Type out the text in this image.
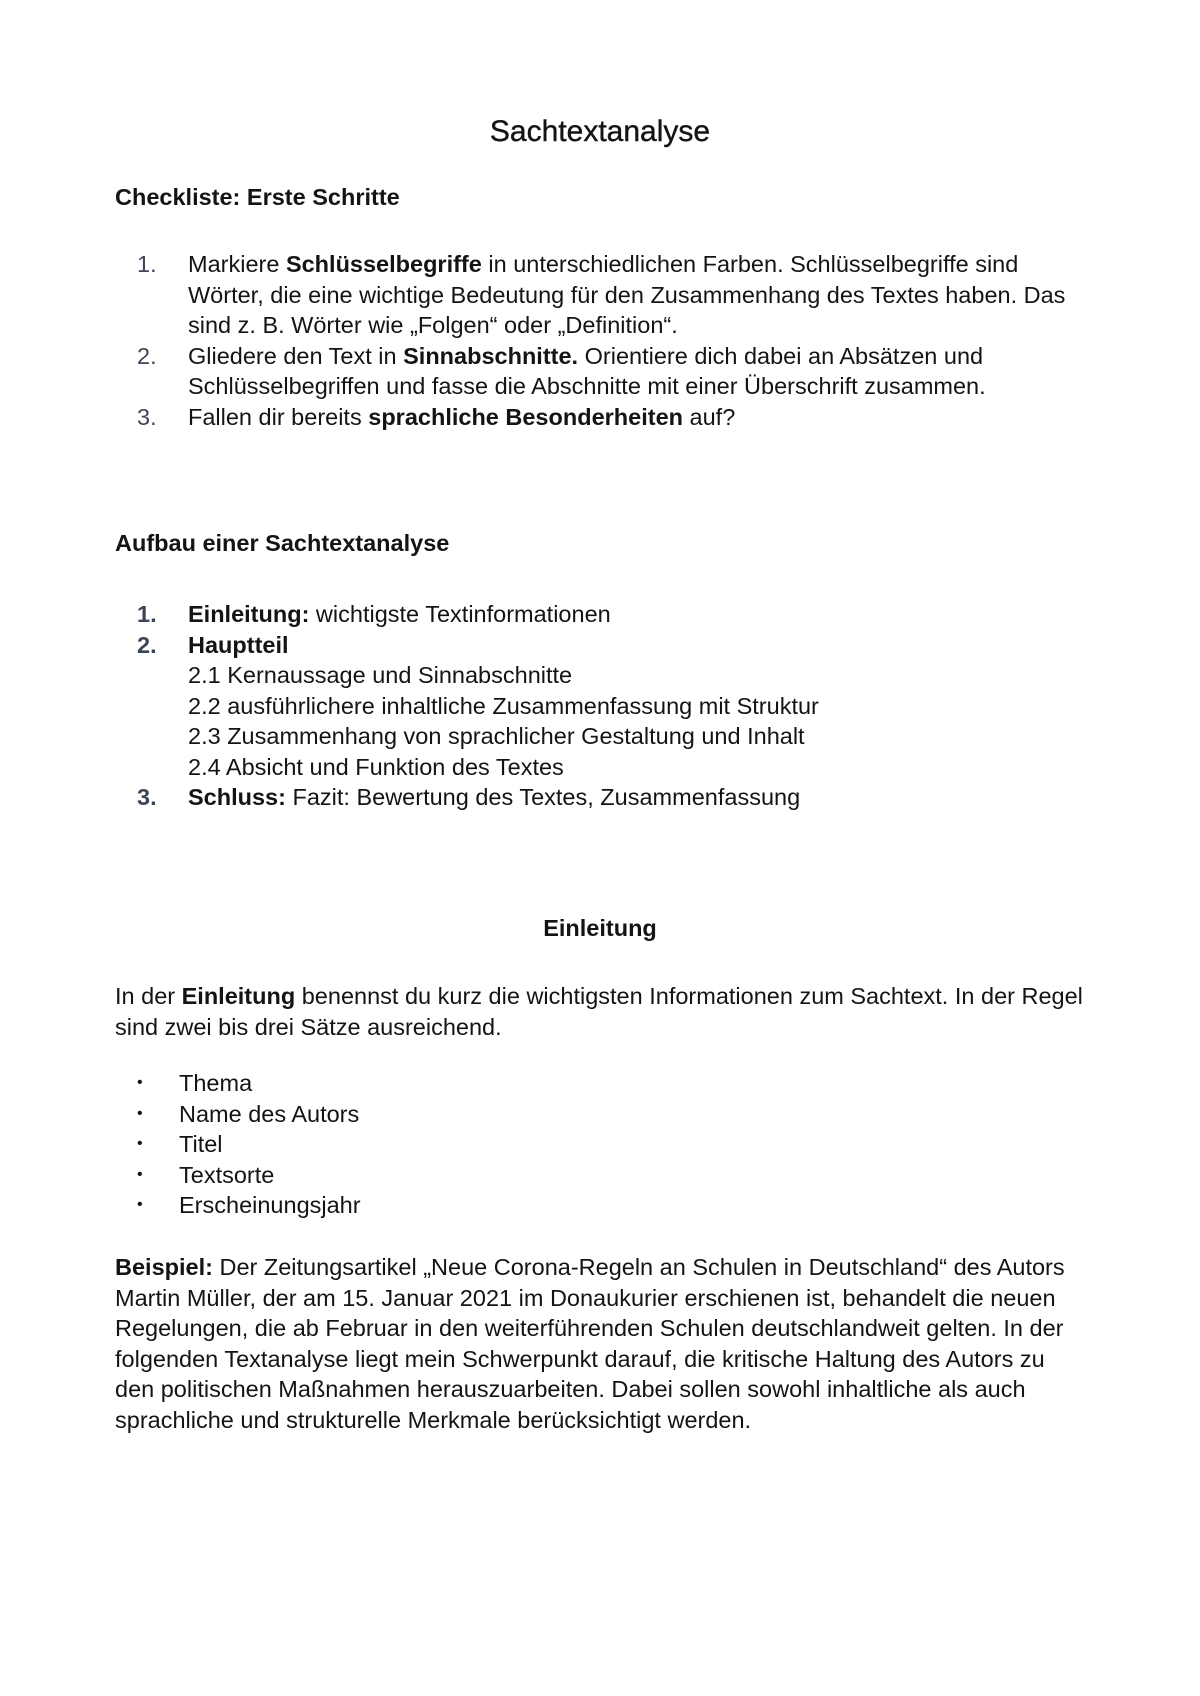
Sachtextanalyse
Checkliste: Erste Schritte
1. Markiere Schlüsselbegriffe in unterschiedlichen Farben. Schlüsselbegriffe sind Wörter, die eine wichtige Bedeutung für den Zusammenhang des Textes haben. Das sind z. B. Wörter wie „Folgen“ oder „Definition“.
2. Gliedere den Text in Sinnabschnitte. Orientiere dich dabei an Absätzen und Schlüsselbegriffen und fasse die Abschnitte mit einer Überschrift zusammen.
3. Fallen dir bereits sprachliche Besonderheiten auf?
Aufbau einer Sachtextanalyse
1. Einleitung: wichtigste Textinformationen
2. Hauptteil
2.1 Kernaussage und Sinnabschnitte
2.2 ausführlichere inhaltliche Zusammenfassung mit Struktur
2.3 Zusammenhang von sprachlicher Gestaltung und Inhalt
2.4 Absicht und Funktion des Textes
3. Schluss: Fazit: Bewertung des Textes, Zusammenfassung
Einleitung

In der Einleitung benennst du kurz die wichtigsten Informationen zum Sachtext. In der Regel sind zwei bis drei Sätze ausreichend.

• Thema
• Name des Autors
• Titel
• Textsorte
• Erscheinungsjahr

Beispiel: Der Zeitungsartikel „Neue Corona-Regeln an Schulen in Deutschland“ des Autors Martin Müller, der am 15. Januar 2021 im Donaukurier erschienen ist, behandelt die neuen Regelungen, die ab Februar in den weiterführenden Schulen deutschlandweit gelten. In der folgenden Textanalyse liegt mein Schwerpunkt darauf, die kritische Haltung des Autors zu den politischen Maßnahmen herauszuarbeiten. Dabei sollen sowohl inhaltliche als auch sprachliche und strukturelle Merkmale berücksichtigt werden.
